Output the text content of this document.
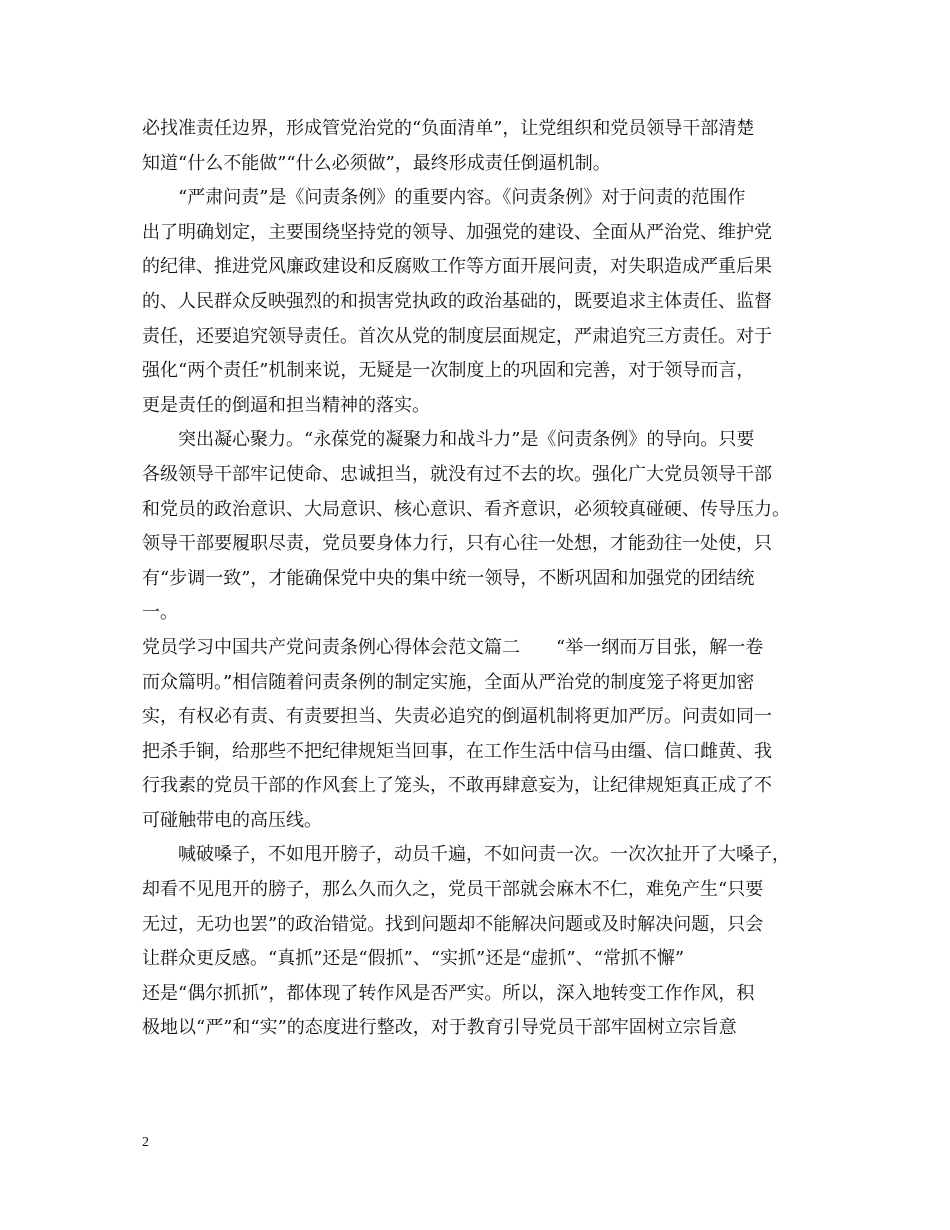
必找准责任边界，形成管党治党的“负面清单”，让党组织和党员领导干部清楚
知道“什么不能做”“什么必须做”，最终形成责任倒逼机制。
　　“严肃问责”是《问责条例》的重要内容。《问责条例》对于问责的范围作
出了明确划定，主要围绕坚持党的领导、加强党的建设、全面从严治党、维护党
的纪律、推进党风廉政建设和反腐败工作等方面开展问责，对失职造成严重后果
的、人民群众反映强烈的和损害党执政的政治基础的，既要追求主体责任、监督
责任，还要追究领导责任。首次从党的制度层面规定，严肃追究三方责任。对于
强化“两个责任”机制来说，无疑是一次制度上的巩固和完善，对于领导而言，
更是责任的倒逼和担当精神的落实。
　　突出凝心聚力。“永葆党的凝聚力和战斗力”是《问责条例》的导向。只要
各级领导干部牢记使命、忠诚担当，就没有过不去的坎。强化广大党员领导干部
和党员的政治意识、大局意识、核心意识、看齐意识，必须较真碰硬、传导压力。
领导干部要履职尽责，党员要身体力行，只有心往一处想，才能劲往一处使，只
有“步调一致”，才能确保党中央的集中统一领导，不断巩固和加强党的团结统
一。
党员学习中国共产党问责条例心得体会范文篇二　　“举一纲而万目张，解一卷
而众篇明。”相信随着问责条例的制定实施，全面从严治党的制度笼子将更加密
实，有权必有责、有责要担当、失责必追究的倒逼机制将更加严厉。问责如同一
把杀手锏，给那些不把纪律规矩当回事，在工作生活中信马由缰、信口雌黄、我
行我素的党员干部的作风套上了笼头，不敢再肆意妄为，让纪律规矩真正成了不
可碰触带电的高压线。
　　喊破嗓子，不如甩开膀子，动员千遍，不如问责一次。一次次扯开了大嗓子，
却看不见甩开的膀子，那么久而久之，党员干部就会麻木不仁，难免产生“只要
无过，无功也罢”的政治错觉。找到问题却不能解决问题或及时解决问题，只会
让群众更反感。“真抓”还是“假抓”、“实抓”还是“虚抓”、“常抓不懈”
还是“偶尔抓抓”，都体现了转作风是否严实。所以，深入地转变工作作风，积
极地以“严”和“实”的态度进行整改，对于教育引导党员干部牢固树立宗旨意
2
